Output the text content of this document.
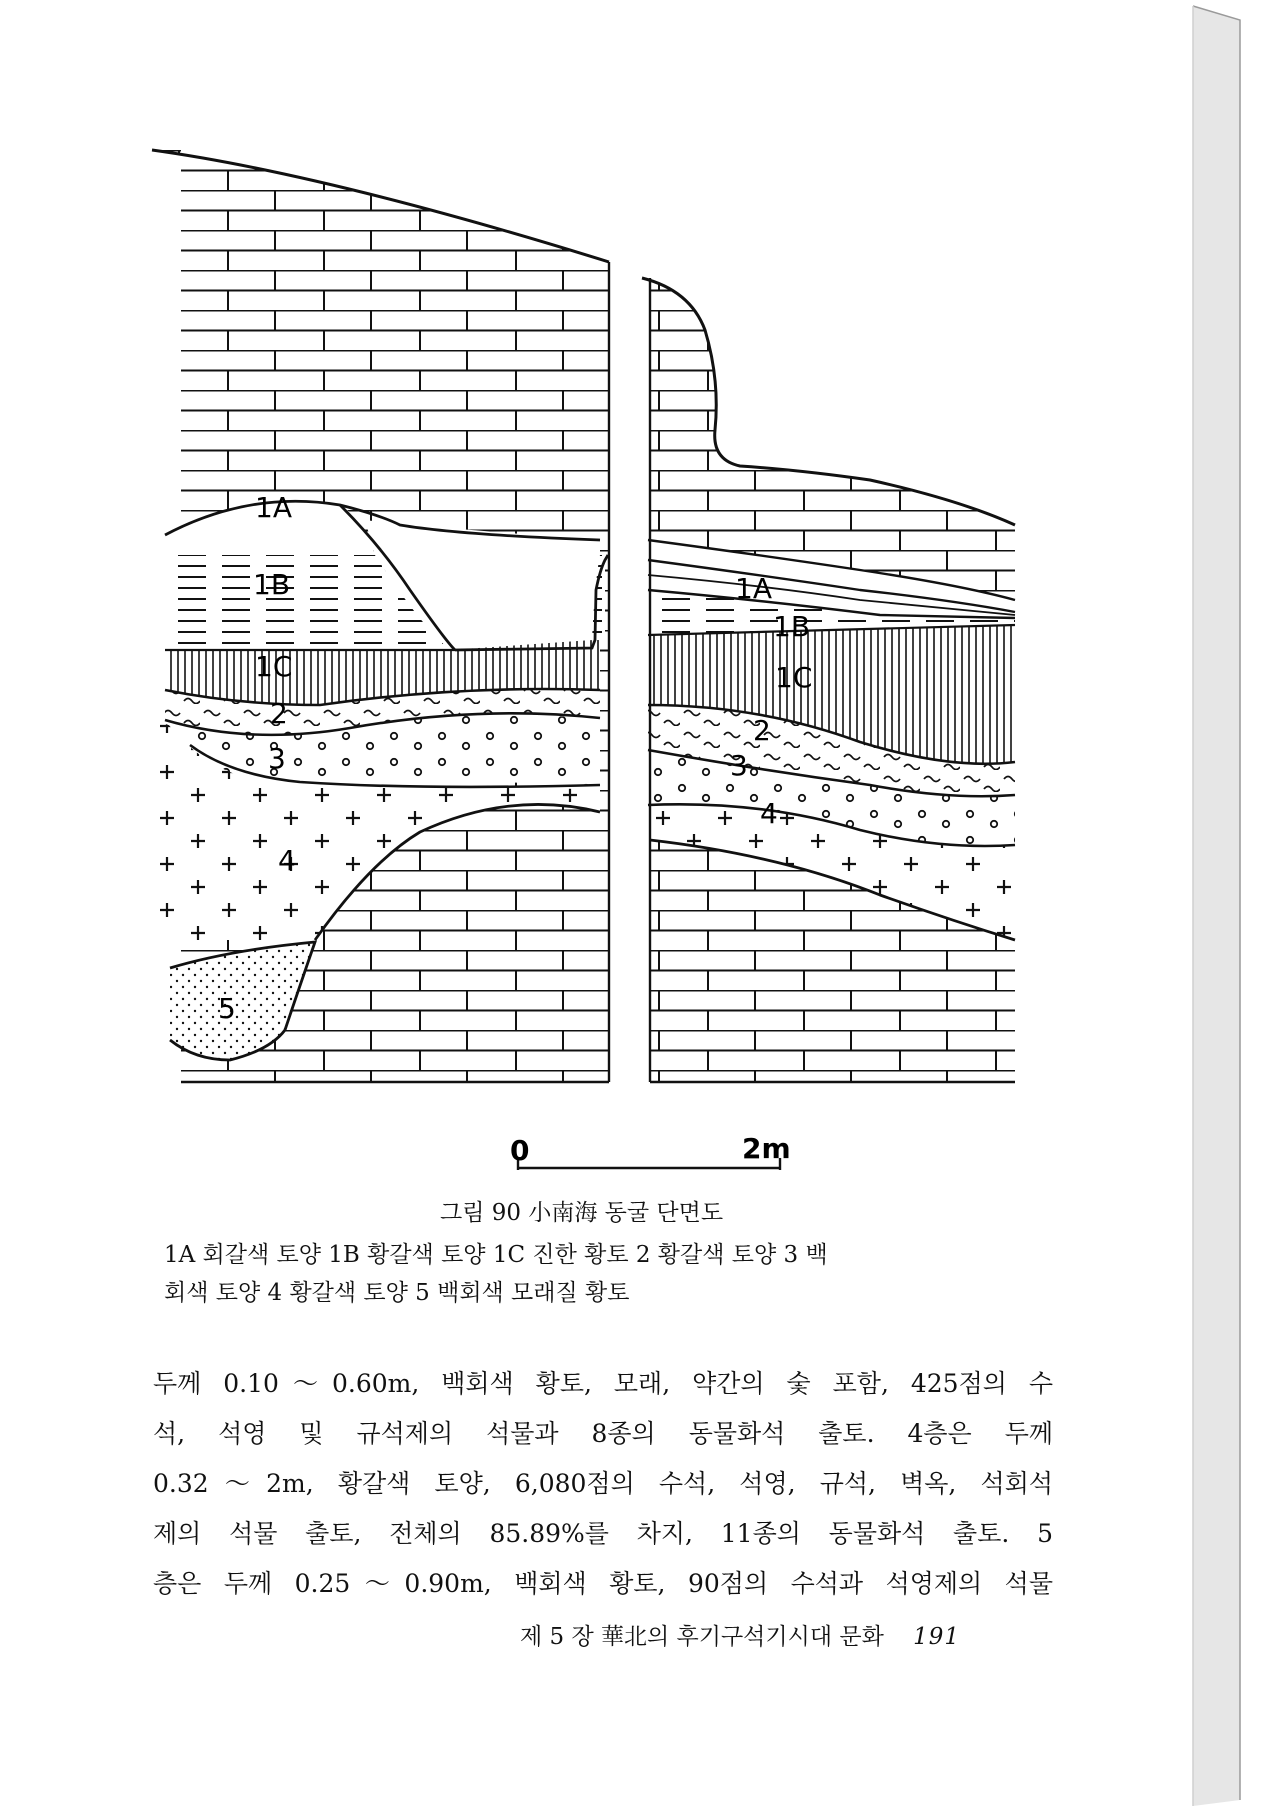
1A
1B
1C
2
3
4
5
1A
1B
1C
2
3
4
0	2m
그림 90 小南海 동굴 단면도
1A 회갈색 토양 1B 황갈색 토양 1C 진한 황토 2 황갈색 토양 3 백
회색 토양 4 황갈색 토양 5 백회색 모래질 황토
두께 0.10～0.60m, 백회색 황토, 모래, 약간의 숯 포함, 425점의 수
석, 석영 및 규석제의 석물과 8종의 동물화석 출토. 4층은 두께
0.32～2m, 황갈색 토양, 6,080점의 수석, 석영, 규석, 벽옥, 석회석
제의 석물 출토, 전체의 85.89%를 차지, 11종의 동물화석 출토. 5
층은 두께 0.25～0.90m, 백회색 황토, 90점의 수석과 석영제의 석물
제 5 장 華北의 후기구석기시대 문화 191
